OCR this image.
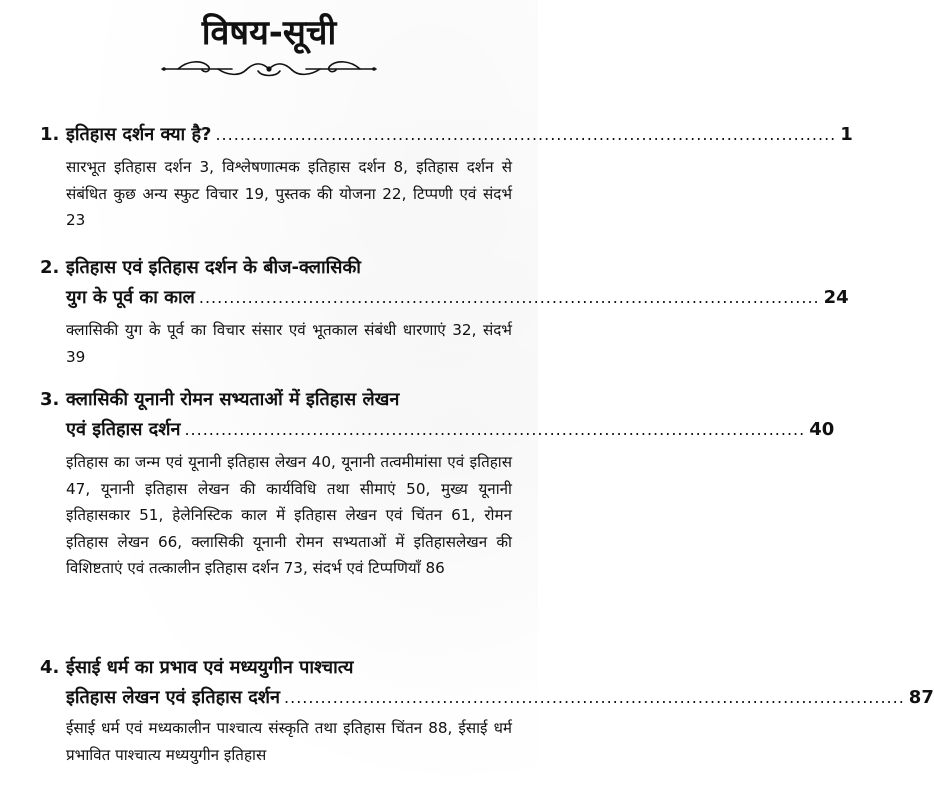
विषय-सूची
1. इतिहास दर्शन क्या है? ...................................................................................................... 1
सारभूत इतिहास दर्शन 3, विश्लेषणात्मक इतिहास दर्शन 8, इतिहास दर्शन से संबंधित कुछ अन्य स्फुट विचार 19, पुस्तक की योजना 22, टिप्पणी एवं संदर्भ 23
2. इतिहास एवं इतिहास दर्शन के बीज-क्लासिकी
युग के पूर्व का काल ...................................................................................................... 24
क्लासिकी युग के पूर्व का विचार संसार एवं भूतकाल संबंधी धारणाएं 32, संदर्भ 39
3. क्लासिकी यूनानी रोमन सभ्यताओं में इतिहास लेखन
एवं इतिहास दर्शन ...................................................................................................... 40
इतिहास का जन्म एवं यूनानी इतिहास लेखन 40, यूनानी तत्वमीमांसा एवं इतिहास 47, यूनानी इतिहास लेखन की कार्यविधि तथा सीमाएं 50, मुख्य यूनानी इतिहासकार 51, हेलेनिस्टिक काल में इतिहास लेखन एवं चिंतन 61, रोमन इतिहास लेखन 66, क्लासिकी यूनानी रोमन सभ्यताओं में इतिहासलेखन की विशिष्टताएं एवं तत्कालीन इतिहास दर्शन 73, संदर्भ एवं टिप्पणियाँ 86
4. ईसाई धर्म का प्रभाव एवं मध्ययुगीन पाश्चात्य
इतिहास लेखन एवं इतिहास दर्शन ...................................................................................................... 87
ईसाई धर्म एवं मध्यकालीन पाश्चात्य संस्कृति तथा इतिहास चिंतन 88, ईसाई धर्म प्रभावित पाश्चात्य मध्ययुगीन इतिहास
